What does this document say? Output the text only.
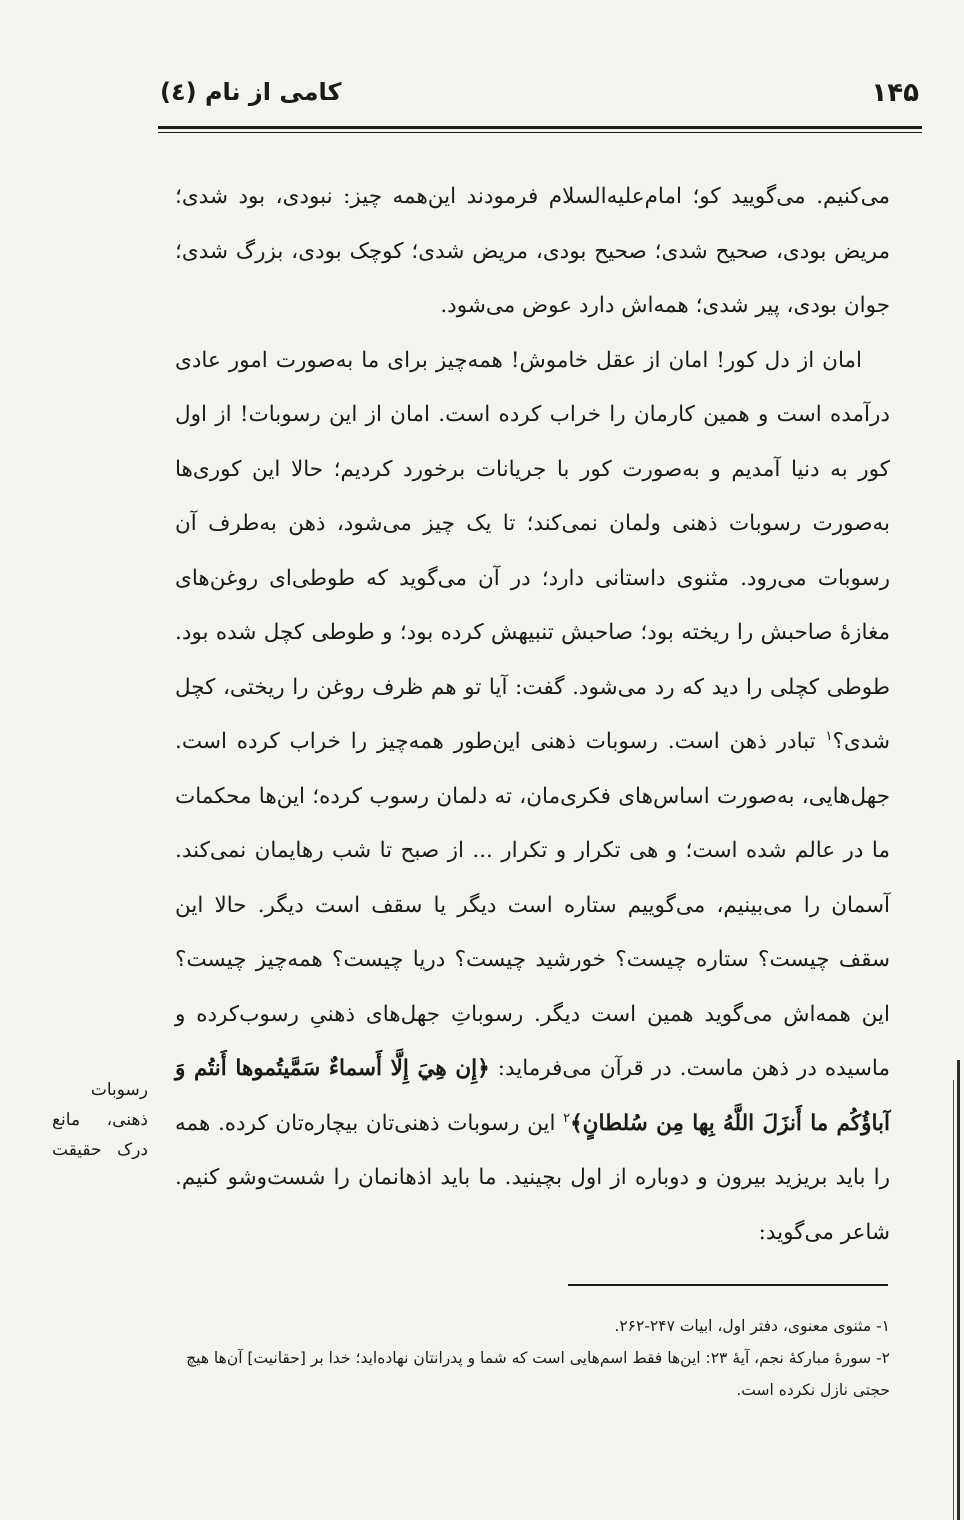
۱۴۵
کامی از نام (٤)

می‌کنیم. می‌گویید کو؛ امام‌علیه‌السلام فرمودند این‌همه چیز: نبودی، بود شدی؛ مریض بودی، صحیح شدی؛ صحیح بودی، مریض شدی؛ کوچک بودی، بزرگ شدی؛ جوان بودی، پیر شدی؛ همه‌اش دارد عوض می‌شود.

امان از دل کور! امان از عقل خاموش! همه‌چیز برای ما به‌صورت امور عادی درآمده است و همین کارمان را خراب کرده است. امان از این رسوبات! از اول کور به دنیا آمدیم و به‌صورت کور با جریانات برخورد کردیم؛ حالا این کوری‌ها به‌صورت رسوبات ذهنی ولمان نمی‌کند؛ تا یک چیز می‌شود، ذهن به‌طرف آن رسوبات می‌رود. مثنوی داستانی دارد؛ در آن می‌گوید که طوطی‌ای روغن‌های مغازهٔ صاحبش را ریخته بود؛ صاحبش تنبیهش کرده بود؛ و طوطی کچل شده بود. طوطی کچلی را دید که رد می‌شود. گفت: آیا تو هم ظرف روغن را ریختی، کچل شدی؟$^۱$ تبادر ذهن است. رسوبات ذهنی این‌طور همه‌چیز را خراب کرده است. جهل‌هایی، به‌صورت اساس‌های فکری‌مان، ته دلمان رسوب کرده؛ این‌ها محکمات ما در عالم شده است؛ و هی تکرار و تکرار ... از صبح تا شب رهایمان نمی‌کند. آسمان را می‌بینیم، می‌گوییم ستاره است دیگر یا سقف است دیگر. حالا این سقف چیست؟ ستاره چیست؟ خورشید چیست؟ دریا چیست؟ همه‌چیز چیست؟ این همه‌اش می‌گوید همین است دیگر. رسوباتِ جهل‌های ذهنیِ رسوب‌کرده و ماسیده در ذهن ماست. در قرآن می‌فرماید: ﴿إِن هِيَ إِلَّا أَسماءٌ سَمَّيتُموها أَنتُم وَ آباؤُكُم ما أَنزَلَ اللَّهُ بِها مِن سُلطانٍ﴾$^۲$ این رسوبات ذهنی‌تان بیچاره‌تان کرده. همه را باید بریزید بیرون و دوباره از اول بچینید. ما باید اذهانمان را شست‌وشو کنیم. شاعر می‌گوید:

رسوبات ذهنی، مانع درک حقیقت
۱- مثنوی معنوی، دفتر اول، ابیات ۲۴۷-۲۶۲.
۲- سورهٔ مبارکهٔ نجم، آیهٔ ۲۳: این‌ها فقط اسم‌هایی است که شما و پدرانتان نهاده‌اید؛ خدا بر [حقانیت] آن‌ها هیچ حجتی نازل نکرده است.
